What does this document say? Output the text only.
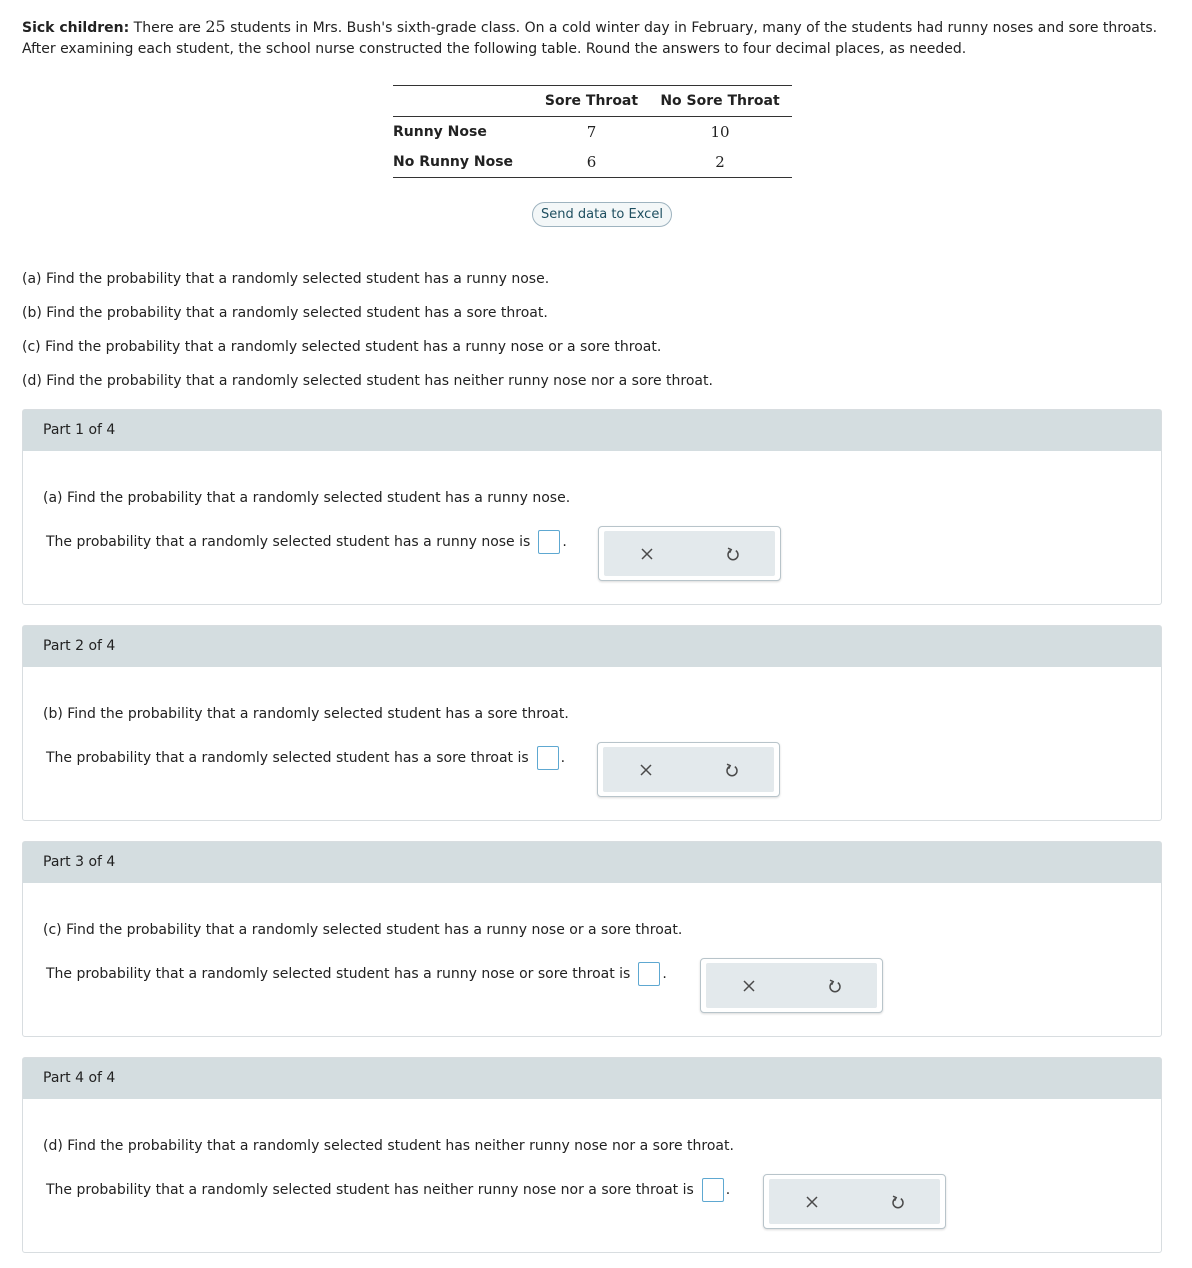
Sick children: There are 25 students in Mrs. Bush's sixth-grade class. On a cold winter day in February, many of the students had runny noses and sore throats. After examining each student, the school nurse constructed the following table. Round the answers to four decimal places, as needed.

	Sore Throat	No Sore Throat
Runny Nose	7	10
No Runny Nose	6	2
Send data to Excel

(a) Find the probability that a randomly selected student has a runny nose.

(b) Find the probability that a randomly selected student has a sore throat.

(c) Find the probability that a randomly selected student has a runny nose or a sore throat.

(d) Find the probability that a randomly selected student has neither runny nose nor a sore throat.

Part 1 of 4

(a) Find the probability that a randomly selected student has a runny nose.

The probability that a randomly selected student has a runny nose is .
Part 2 of 4

(b) Find the probability that a randomly selected student has a sore throat.

The probability that a randomly selected student has a sore throat is .
Part 3 of 4

(c) Find the probability that a randomly selected student has a runny nose or a sore throat.

The probability that a randomly selected student has a runny nose or sore throat is .
Part 4 of 4

(d) Find the probability that a randomly selected student has neither runny nose nor a sore throat.

The probability that a randomly selected student has neither runny nose nor a sore throat is .
